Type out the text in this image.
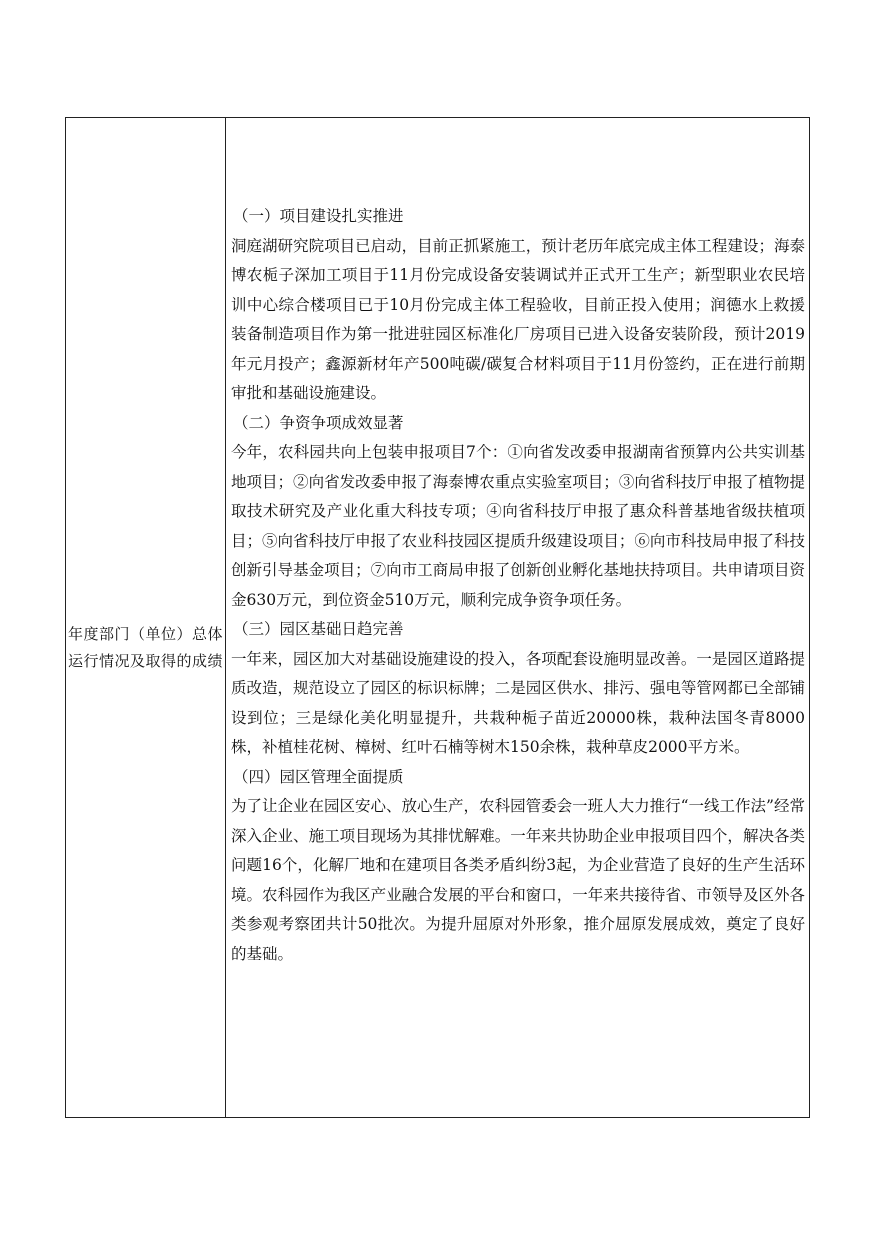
年度部门（单位）总体运行情况及取得的成绩

（一）项目建设扎实推进

洞庭湖研究院项目已启动，目前正抓紧施工，预计老历年底完成主体工程建设；海泰博农栀子深加工项目于11月份完成设备安装调试并正式开工生产；新型职业农民培训中心综合楼项目已于10月份完成主体工程验收，目前正投入使用；润德水上救援装备制造项目作为第一批进驻园区标准化厂房项目已进入设备安装阶段，预计2019年元月投产；鑫源新材年产500吨碳/碳复合材料项目于11月份签约，正在进行前期审批和基础设施建设。

（二）争资争项成效显著

今年，农科园共向上包装申报项目7个：①向省发改委申报湖南省预算内公共实训基地项目；②向省发改委申报了海泰博农重点实验室项目；③向省科技厅申报了植物提取技术研究及产业化重大科技专项；④向省科技厅申报了惠众科普基地省级扶植项目；⑤向省科技厅申报了农业科技园区提质升级建设项目；⑥向市科技局申报了科技创新引导基金项目；⑦向市工商局申报了创新创业孵化基地扶持项目。共申请项目资金630万元，到位资金510万元，顺利完成争资争项任务。

（三）园区基础日趋完善

一年来，园区加大对基础设施建设的投入，各项配套设施明显改善。一是园区道路提质改造，规范设立了园区的标识标牌；二是园区供水、排污、强电等管网都已全部铺设到位；三是绿化美化明显提升，共栽种栀子苗近20000株，栽种法国冬青8000株，补植桂花树、樟树、红叶石楠等树木150余株，栽种草皮2000平方米。

（四）园区管理全面提质

为了让企业在园区安心、放心生产，农科园管委会一班人大力推行“一线工作法”经常深入企业、施工项目现场为其排忧解难。一年来共协助企业申报项目四个，解决各类问题16个，化解厂地和在建项目各类矛盾纠纷3起，为企业营造了良好的生产生活环境。农科园作为我区产业融合发展的平台和窗口，一年来共接待省、市领导及区外各类参观考察团共计50批次。为提升屈原对外形象，推介屈原发展成效，奠定了良好的基础。
